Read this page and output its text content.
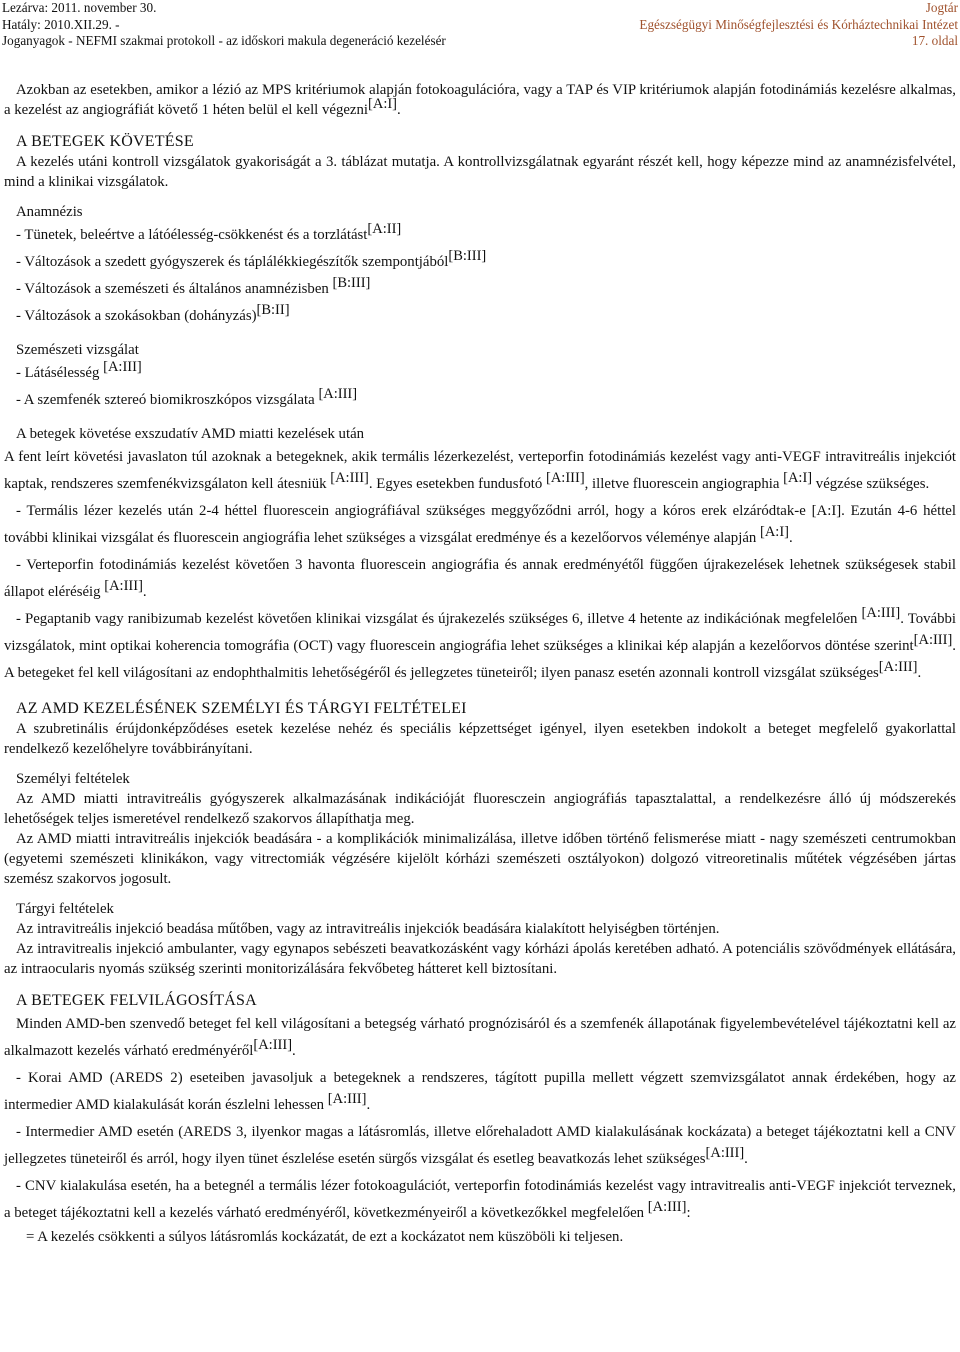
Lezárva: 2011. november 30.
Hatály: 2010.XII.29. -
Joganyagok - NEFMI szakmai protokoll - az időskori makula degeneráció kezelésér
Jogtár
Egészségügyi Minőségfejlesztési és Kórháztechnikai Intézet
17. oldal

Azokban az esetekben, amikor a lézió az MPS kritériumok alapján fotokoagulációra, vagy a TAP és VIP kritériumok alapján fotodinámiás kezelésre alkalmas, a kezelést az angiográfiát követő 1 héten belül el kell végezni[A:I].

A BETEGEK KÖVETÉSE

A kezelés utáni kontroll vizsgálatok gyakoriságát a 3. táblázat mutatja. A kontrollvizsgálatnak egyaránt részét kell, hogy képezze mind az anamnézisfelvétel, mind a klinikai vizsgálatok.

Anamnézis
- Tünetek, beleértve a látóélesség-csökkenést és a torzlátást[A:II]
- Változások a szedett gyógyszerek és táplálékkiegészítők szempontjából[B:III]
- Változások a szemészeti és általános anamnézisben [B:III]
- Változások a szokásokban (dohányzás)[B:II]
Szemészeti vizsgálat
- Látásélesség [A:III]
- A szemfenék sztereó biomikroszkópos vizsgálata [A:III]
A betegek követése exszudatív AMD miatti kezelések után

A fent leírt követési javaslaton túl azoknak a betegeknek, akik termális lézerkezelést, verteporfin fotodinámiás kezelést vagy anti-VEGF intravitreális injekciót kaptak, rendszeres szemfenékvizsgálaton kell átesniük [A:III]. Egyes esetekben fundusfotó [A:III], illetve fluorescein angiographia [A:I] végzése szükséges.

- Termális lézer kezelés után 2-4 héttel fluorescein angiográfiával szükséges meggyőződni arról, hogy a kóros erek elzáródtak-e [A:I]. Ezután 4-6 héttel további klinikai vizsgálat és fluorescein angiográfia lehet szükséges a vizsgálat eredménye és a kezelőorvos véleménye alapján [A:I].

- Verteporfin fotodinámiás kezelést követően 3 havonta fluorescein angiográfia és annak eredményétől függően újrakezelések lehetnek szükségesek stabil állapot eléréséig [A:III].

- Pegaptanib vagy ranibizumab kezelést követően klinikai vizsgálat és újrakezelés szükséges 6, illetve 4 hetente az indikációnak megfelelően [A:III]. További vizsgálatok, mint optikai koherencia tomográfia (OCT) vagy fluorescein angiográfia lehet szükséges a klinikai kép alapján a kezelőorvos döntése szerint[A:III]. A betegeket fel kell világosítani az endophthalmitis lehetőségéről és jellegzetes tüneteiről; ilyen panasz esetén azonnali kontroll vizsgálat szükséges[A:III].

AZ AMD KEZELÉSÉNEK SZEMÉLYI ÉS TÁRGYI FELTÉTELEI

A szubretinális érújdonképződéses esetek kezelése nehéz és speciális képzettséget igényel, ilyen esetekben indokolt a beteget megfelelő gyakorlattal rendelkező kezelőhelyre továbbirányítani.

Személyi feltételek

Az AMD miatti intravitreális gyógyszerek alkalmazásának indikációját fluoresczein angiográfiás tapasztalattal, a rendelkezésre álló új módszerekés lehetőségek teljes ismeretével rendelkező szakorvos állapíthatja meg.

Az AMD miatti intravitreális injekciók beadására - a komplikációk minimalizálása, illetve időben történő felismerése miatt - nagy szemészeti centrumokban (egyetemi szemészeti klinikákon, vagy vitrectomiák végzésére kijelölt kórházi szemészeti osztályokon) dolgozó vitreoretinalis műtétek végzésében jártas szemész szakorvos jogosult.

Tárgyi feltételek

Az intravitreális injekció beadása műtőben, vagy az intravitreális injekciók beadására kialakított helyiségben történjen.

Az intravitrealis injekció ambulanter, vagy egynapos sebészeti beavatkozásként vagy kórházi ápolás keretében adható. A potenciális szövődmények ellátására, az intraocularis nyomás szükség szerinti monitorizálására fekvőbeteg hátteret kell biztosítani.

A BETEGEK FELVILÁGOSÍTÁSA

Minden AMD-ben szenvedő beteget fel kell világosítani a betegség várható prognózisáról és a szemfenék állapotának figyelembevételével tájékoztatni kell az alkalmazott kezelés várható eredményéről[A:III].

- Korai AMD (AREDS 2) eseteiben javasoljuk a betegeknek a rendszeres, tágított pupilla mellett végzett szemvizsgálatot annak érdekében, hogy az intermedier AMD kialakulását korán észlelni lehessen [A:III].

- Intermedier AMD esetén (AREDS 3, ilyenkor magas a látásromlás, illetve előrehaladott AMD kialakulásának kockázata) a beteget tájékoztatni kell a CNV jellegzetes tüneteiről és arról, hogy ilyen tünet észlelése esetén sürgős vizsgálat és esetleg beavatkozás lehet szükséges[A:III].

- CNV kialakulása esetén, ha a betegnél a termális lézer fotokoagulációt, verteporfin fotodinámiás kezelést vagy intravitrealis anti-VEGF injekciót terveznek, a beteget tájékoztatni kell a kezelés várható eredményéről, következményeiről a következőkkel megfelelően [A:III]:

= A kezelés csökkenti a súlyos látásromlás kockázatát, de ezt a kockázatot nem küszöböli ki teljesen.
